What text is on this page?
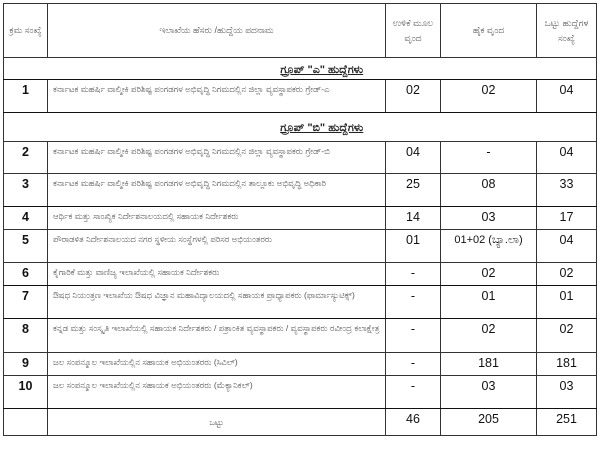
ಕ್ರಮ ಸಂಖ್ಯೆ	ಇಲಾಖೆಯ ಹೆಸರು /ಹುದ್ದೆಯ ಪದನಾಮ	ಉಳಿಕೆ ಮೂಲ ವೃಂದ	ಹೈಕ ವೃಂದ	ಒಟ್ಟು ಹುದ್ದೆಗಳ ಸಂಖ್ಯೆ
	ಗ್ರೂಪ್ "ಎ" ಹುದ್ದೆಗಳು			
1	ಕರ್ನಾಟಕ ಮಹರ್ಷಿ ವಾಲ್ಮೀಕಿ ಪರಿಶಿಷ್ಟ ಪಂಗಡಗಳ ಅಭಿವೃದ್ಧಿ ನಿಗಮದಲ್ಲಿನ ಜಿಲ್ಲಾ ವ್ಯವಸ್ಥಾಪಕರು ಗ್ರೇಡ್-ಎ	02	02	04
	ಗ್ರೂಪ್ "ಬಿ" ಹುದ್ದೆಗಳು			
2	ಕರ್ನಾಟಕ ಮಹರ್ಷಿ ವಾಲ್ಮೀಕಿ ಪರಿಶಿಷ್ಟ ಪಂಗಡಗಳ ಅಭಿವೃದ್ಧಿ ನಿಗಮದಲ್ಲಿನ ಜಿಲ್ಲಾ ವ್ಯವಸ್ಥಾಪಕರು ಗ್ರೇಡ್-ಬಿ	04	-	04
3	ಕರ್ನಾಟಕ ಮಹರ್ಷಿ ವಾಲ್ಮೀಕಿ ಪರಿಶಿಷ್ಟ ಪಂಗಡಗಳ ಅಭಿವೃದ್ಧಿ ನಿಗಮದಲ್ಲಿನ ತಾಲ್ಲೂಕು ಅಭಿವೃದ್ಧಿ ಅಧಿಕಾರಿ	25	08	33
4	ಆರ್ಥಿಕ ಮತ್ತು ಸಾಂಖ್ಯಿಕ ನಿರ್ದೇಶನಾಲಯದಲ್ಲಿ ಸಹಾಯಕ ನಿರ್ದೇಶಕರು	14	03	17
5	ಪೌರಾಡಳಿತ ನಿರ್ದೇಶನಾಲಯದ ನಗರ ಸ್ಥಳೀಯ ಸಂಸ್ಥೆಗಳಲ್ಲಿ ಪರಿಸರ ಅಭಿಯಂತರರು	01	01+02 (ಬ್ಯಾ.ಲಾ)	04
6	ಕೈಗಾರಿಕೆ ಮತ್ತು ವಾಣಿಜ್ಯ ಇಲಾಖೆಯಲ್ಲಿ ಸಹಾಯಕ ನಿರ್ದೇಶಕರು	-	02	02
7	ಔಷಧ ನಿಯಂತ್ರಣ ಇಲಾಖೆಯ ಔಷಧ ವಿಜ್ಞಾನ ಮಹಾವಿದ್ಯಾಲಯದಲ್ಲಿ ಸಹಾಯಕ ಪ್ರಾಧ್ಯಾಪಕರು (ಫಾರ್ಮಾಸ್ಯುಟಿಕ್ಸ್)	-	01	01
8	ಕನ್ನಡ ಮತ್ತು ಸಂಸ್ಕೃತಿ ಇಲಾಖೆಯಲ್ಲಿ ಸಹಾಯಕ ನಿರ್ದೇಶಕರು / ಪತ್ರಾಂಕಿತ ವ್ಯವಸ್ಥಾಪಕರು / ವ್ಯವಸ್ಥಾಪಕರು ರವೀಂದ್ರ ಕಲಾಕ್ಷೇತ್ರ	-	02	02
9	ಜಲ ಸಂಪನ್ಮೂಲ ಇಲಾಖೆಯಲ್ಲಿನ ಸಹಾಯಕ ಅಭಿಯಂತರರು (ಸಿವಿಲ್)	-	181	181
10	ಜಲ ಸಂಪನ್ಮೂಲ ಇಲಾಖೆಯಲ್ಲಿನ ಸಹಾಯಕ ಅಭಿಯಂತರರು (ಮೆಕ್ಯಾನಿಕಲ್)	-	03	03
	ಒಟ್ಟು	46	205	251
